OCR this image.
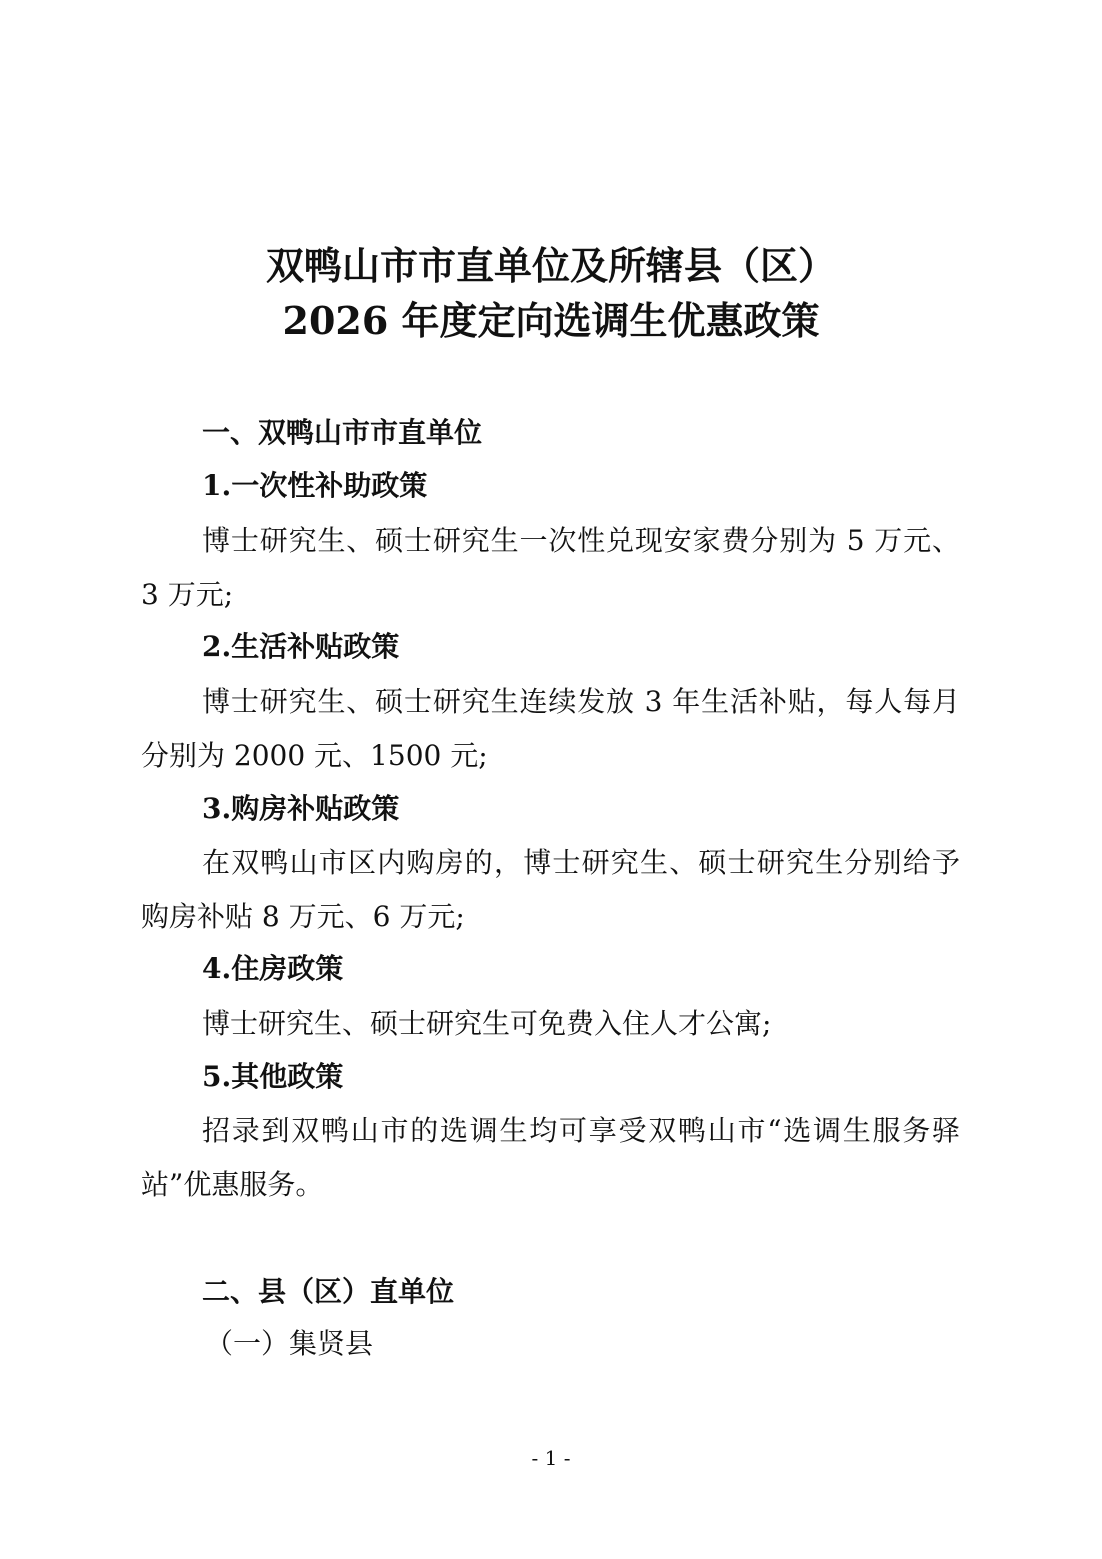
双鸭山市市直单位及所辖县（区）
2026 年度定向选调生优惠政策
一、双鸭山市市直单位
1.一次性补助政策
博士研究生、硕士研究生一次性兑现安家费分别为 5 万元、
3 万元;
2.生活补贴政策
博士研究生、硕士研究生连续发放 3 年生活补贴，每人每月
分别为 2000 元、1500 元;
3.购房补贴政策
在双鸭山市区内购房的，博士研究生、硕士研究生分别给予
购房补贴 8 万元、6 万元;
4.住房政策
博士研究生、硕士研究生可免费入住人才公寓;
5.其他政策
招录到双鸭山市的选调生均可享受双鸭山市“选调生服务驿
站”优惠服务。
二、县（区）直单位
（一）集贤县
- 1 -
